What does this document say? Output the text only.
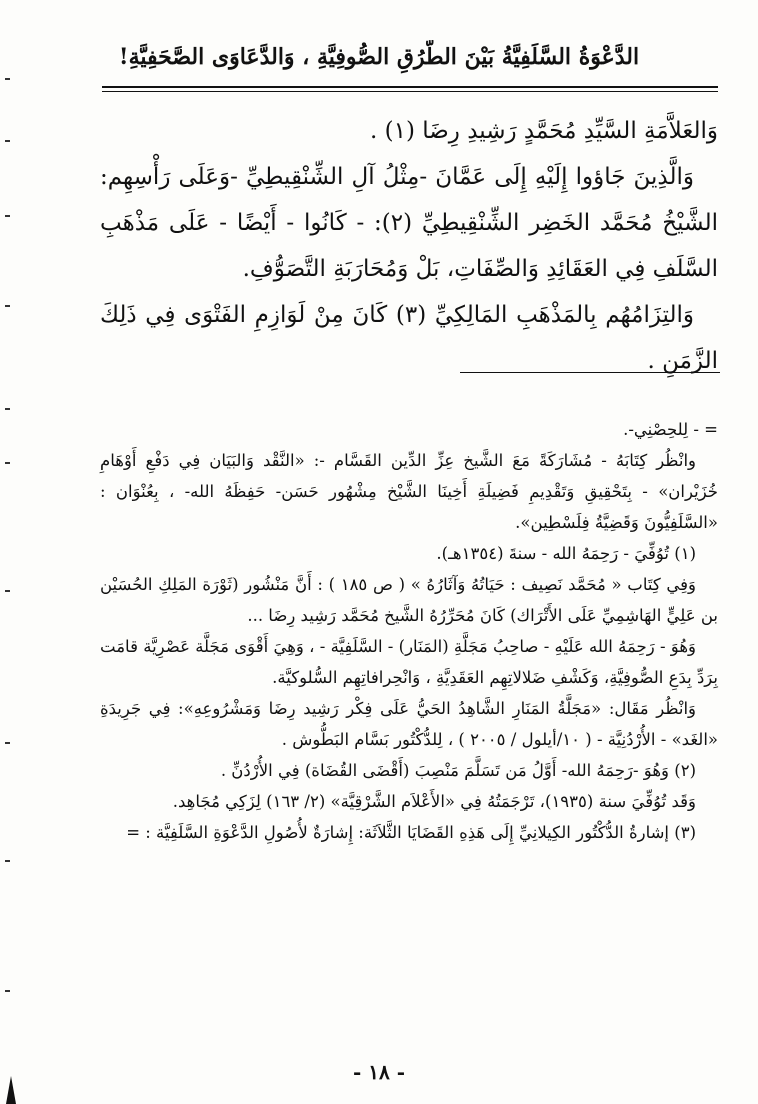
الدَّعْوَةُ السَّلَفِيَّةُ بَيْنَ الطُّرُقِ الصُّوفِيَّةِ ، وَالدَّعَاوَى الصَّحَفِيَّةِ!

وَالعَلاَّمَةِ السَّيِّدِ مُحَمَّدٍ رَشِيدِ رِضَا (١) .

وَالَّذِينَ جَاؤوا إِلَيْهِ إِلَى عَمَّانَ -مِثْلُ آلِ الشِّنْقِيطِيِّ -وَعَلَى رَأْسِهِم: الشَّيْخُ مُحَمَّد الخَضِر الشِّنْقِيطِيِّ (٢): - كَانُوا - أَيْضًا - عَلَى مَذْهَبِ السَّلَفِ فِي العَقَائِدِ وَالصِّفَاتِ، بَلْ وَمُحَارَبَةِ التَّصَوُّفِ.

وَالتِزَامُهُم بِالمَذْهَبِ المَالِكِيِّ (٣) كَانَ مِنْ لَوَازِمِ الفَتْوَى فِي ذَلِكَ الزَّمَنِ .

= - لِلحِصْنِي-.

وانْظُر كِتَابَهُ - مُشَارَكَةً مَعَ الشَّيخ عِزِّ الدِّين القَسَّام -: «النَّقْد وَالبَيَان فِي دَفْعِ أَوْهَامِ خُزَيْران» - بِتَحْقِيقِ وَتَقْدِيمِ فَضِيلَةِ أَخِينَا الشَّيْخ مِشْهُور حَسَن- حَفِظَهُ الله- ، بِعُنْوَان : «السَّلَفِيُّونَ وَقَضِيَّةُ فِلَسْطِين».

(١) تُوُفِّيَ - رَحِمَهُ الله - سنةَ (١٣٥٤هـ).

وَفِي كِتَاب « مُحَمَّد نَصِيف : حَيَاتُهُ وَآثَارُهُ » ( ص ١٨٥ ) : أَنَّ مَنْشُور (ثَوْرَة المَلِكِ الحُسَيْن بن عَلِيٍّ الهَاشِمِيِّ عَلَى الأَتْرَاك) كَانَ مُحَرِّرُهُ الشَّيخ مُحَمَّد رَشِيد رِضَا ...

وَهُوَ - رَحِمَهُ الله عَلَيْهِ - صاحِبُ مَجَلَّةِ (المَنَار) - السَّلَفِيَّة - ، وَهِيَ أَقْوَى مَجَلَّة عَصْرِيَّة قامَت بِرَدِّ بِدَعِ الصُّوفِيَّةِ، وَكَشْفِ ضَلالاتِهِم العَقَدِيَّةِ ، وَانْحِرافاتِهِم السُّلوكيَّة.

وَانْظُر مَقَال: «مَجَلَّةُ المَنَارِ الشَّاهِدُ الحَيُّ عَلَى فِكْر رَشِيد رِضَا وَمَشْرُوعِهِ»: فِي جَرِيدَةِ «الغَد» - الأُرْدُنِيَّة - ( ١٠/أيلول / ٢٠٠٥ ) ، لِلدُّكْتُور بَسَّام البَطُّوش .

(٢) وَهُوَ -رَحِمَهُ الله- أَوَّلُ مَن تَسَلَّمَ مَنْصِبَ (أَقْضَى القُضَاة) فِي الأُرْدُنِّ .

وَقَد تُوُفِّيَ سنة (١٩٣٥)، تَرْجَمَتُهُ فِي «الأَعْلاَم الشَّرْقِيَّة» (٢/ ١٦٣) لِزَكِي مُجَاهِد.

(٣) إشارةُ الدُّكْتُور الكِيلانِيِّ إِلَى هَذِهِ القَضَايَا الثَّلاَثَة: إِشارَةٌ لأُصُولِ الدَّعْوَةِ السَّلَفِيَّة : =

- ١٨ -
